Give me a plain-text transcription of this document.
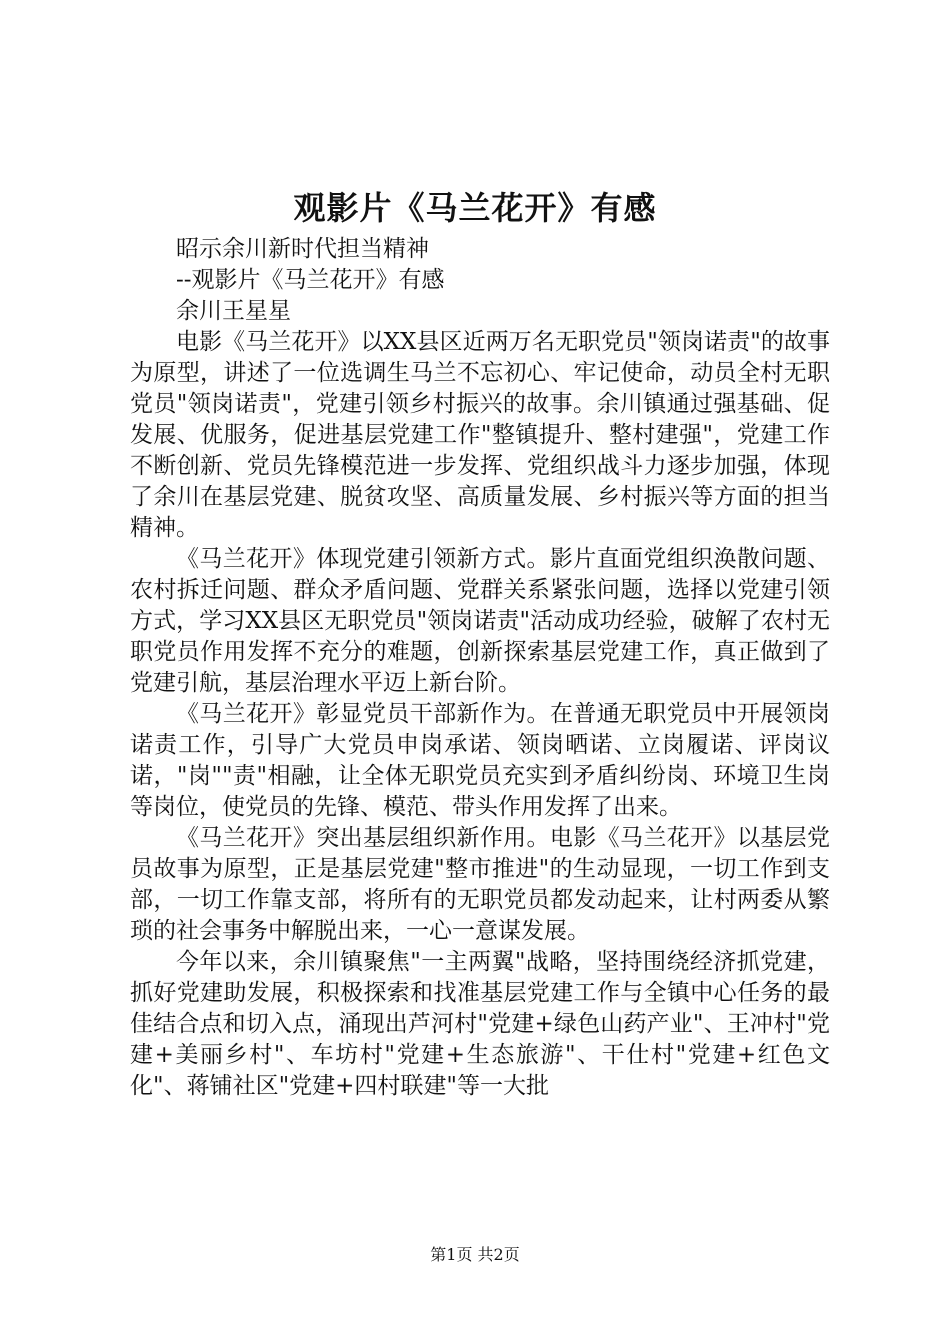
观影片《马兰花开》有感
昭示余川新时代担当精神
--观影片《马兰花开》有感
余川王星星

电影《马兰花开》以XX县区近两万名无职党员"领岗诺责"的故事为原型，讲述了一位选调生马兰不忘初心、牢记使命，动员全村无职党员"领岗诺责"，党建引领乡村振兴的故事。余川镇通过强基础、促发展、优服务，促进基层党建工作"整镇提升、整村建强"，党建工作不断创新、党员先锋模范进一步发挥、党组织战斗力逐步加强，体现了余川在基层党建、脱贫攻坚、高质量发展、乡村振兴等方面的担当精神。

《马兰花开》体现党建引领新方式。影片直面党组织涣散问题、农村拆迁问题、群众矛盾问题、党群关系紧张问题，选择以党建引领方式，学习XX县区无职党员"领岗诺责"活动成功经验，破解了农村无职党员作用发挥不充分的难题，创新探索基层党建工作，真正做到了党建引航，基层治理水平迈上新台阶。

《马兰花开》彰显党员干部新作为。在普通无职党员中开展领岗诺责工作，引导广大党员申岗承诺、领岗晒诺、立岗履诺、评岗议诺，"岗""责"相融，让全体无职党员充实到矛盾纠纷岗、环境卫生岗等岗位，使党员的先锋、模范、带头作用发挥了出来。

《马兰花开》突出基层组织新作用。电影《马兰花开》以基层党员故事为原型，正是基层党建"整市推进"的生动显现，一切工作到支部，一切工作靠支部，将所有的无职党员都发动起来，让村两委从繁琐的社会事务中解脱出来，一心一意谋发展。

今年以来，余川镇聚焦"一主两翼"战略，坚持围绕经济抓党建，抓好党建助发展，积极探索和找准基层党建工作与全镇中心任务的最佳结合点和切入点，涌现出芦河村"党建+绿色山药产业"、王冲村"党建+美丽乡村"、车坊村"党建+生态旅游"、干仕村"党建+红色文化"、蒋铺社区"党建+四村联建"等一大批

第1页 共2页
